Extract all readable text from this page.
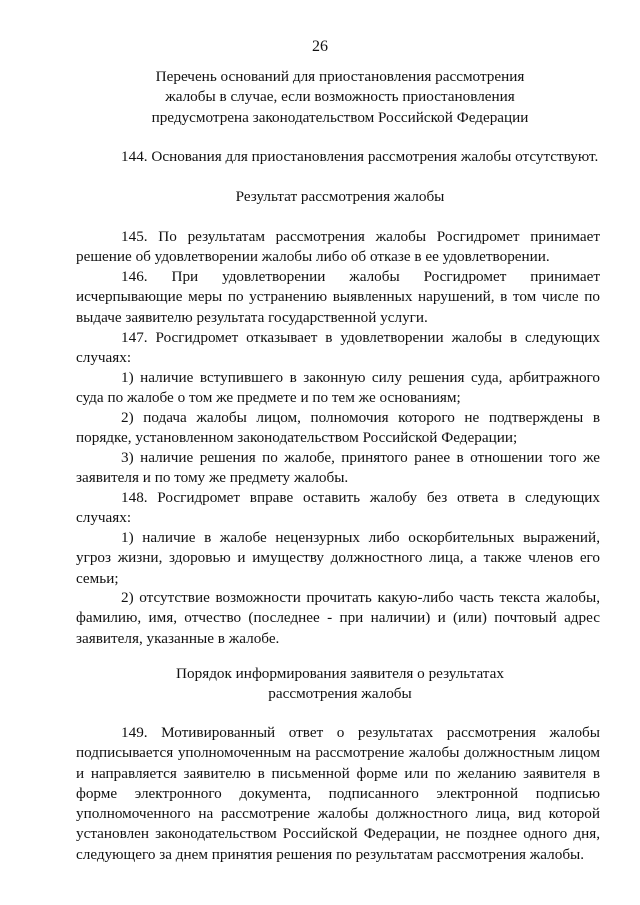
26
Перечень оснований для приостановления рассмотрения
жалобы в случае, если возможность приостановления
предусмотрена законодательством Российской Федерации
144. Основания для приостановления рассмотрения жалобы отсутствуют.
Результат рассмотрения жалобы
145. По результатам рассмотрения жалобы Росгидромет принимает решение об удовлетворении жалобы либо об отказе в ее удовлетворении.
146. При удовлетворении жалобы Росгидромет принимает исчерпывающие меры по устранению выявленных нарушений, в том числе по выдаче заявителю результата государственной услуги.
147. Росгидромет отказывает в удовлетворении жалобы в следующих случаях:
1) наличие вступившего в законную силу решения суда, арбитражного суда по жалобе о том же предмете и по тем же основаниям;
2) подача жалобы лицом, полномочия которого не подтверждены в порядке, установленном законодательством Российской Федерации;
3) наличие решения по жалобе, принятого ранее в отношении того же заявителя и по тому же предмету жалобы.
148. Росгидромет вправе оставить жалобу без ответа в следующих случаях:
1) наличие в жалобе нецензурных либо оскорбительных выражений, угроз жизни, здоровью и имуществу должностного лица, а также членов его семьи;
2) отсутствие возможности прочитать какую-либо часть текста жалобы, фамилию, имя, отчество (последнее - при наличии) и (или) почтовый адрес заявителя, указанные в жалобе.
Порядок информирования заявителя о результатах
рассмотрения жалобы
149. Мотивированный ответ о результатах рассмотрения жалобы подписывается уполномоченным на рассмотрение жалобы должностным лицом и направляется заявителю в письменной форме или по желанию заявителя в форме электронного документа, подписанного электронной подписью уполномоченного на рассмотрение жалобы должностного лица, вид которой установлен законодательством Российской Федерации, не позднее одного дня, следующего за днем принятия решения по результатам рассмотрения жалобы.
